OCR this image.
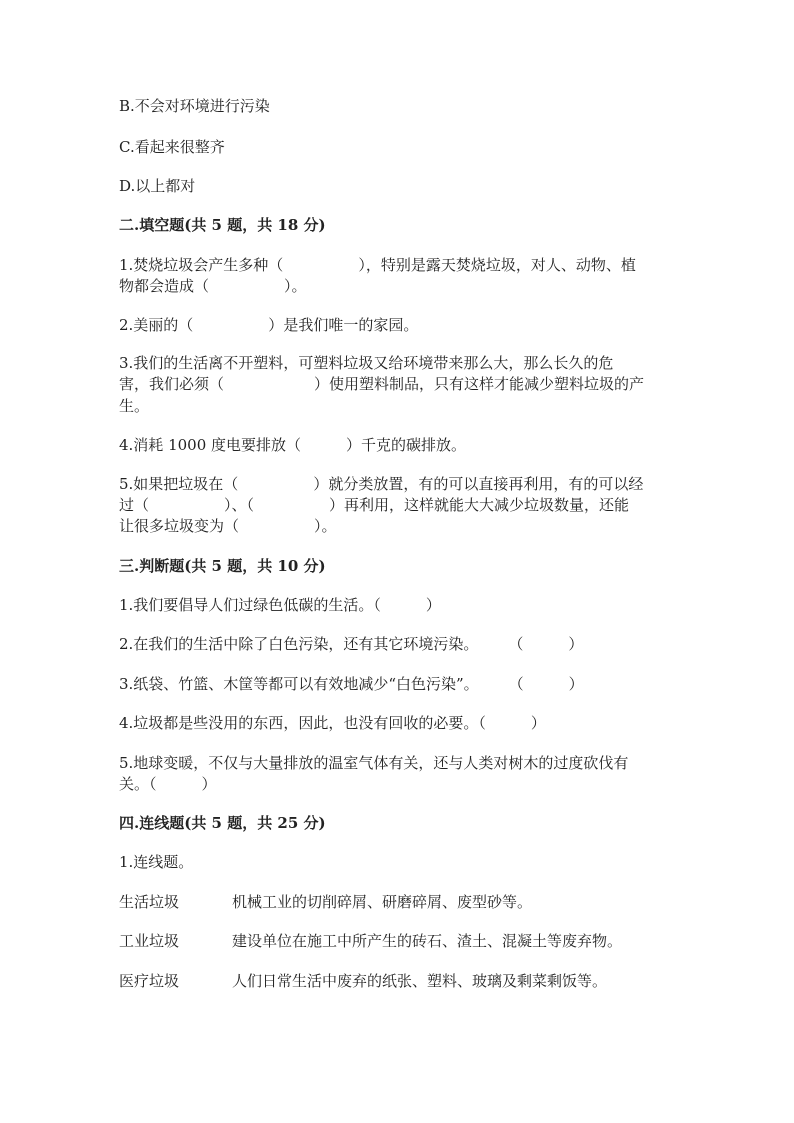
B.不会对环境进行污染
C.看起来很整齐
D.以上都对
二.填空题(共 5 题，共 18 分)
1.焚烧垃圾会产生多种（　　　　　），特别是露天焚烧垃圾，对人、动物、植
物都会造成（　　　　　）。
2.美丽的（　　　　　）是我们唯一的家园。
3.我们的生活离不开塑料，可塑料垃圾又给环境带来那么大，那么长久的危
害，我们必须（　　　　　　）使用塑料制品，只有这样才能减少塑料垃圾的产
生。
4.消耗 1000 度电要排放（　　　）千克的碳排放。
5.如果把垃圾在（　　　　　）就分类放置，有的可以直接再利用，有的可以经
过（　　　　　）、（　　　　　）再利用，这样就能大大减少垃圾数量，还能
让很多垃圾变为（　　　　　）。
三.判断题(共 5 题，共 10 分)
1.我们要倡导人们过绿色低碳的生活。（　　　）
2.在我们的生活中除了白色污染，还有其它环境污染。　　　（　　　）
3.纸袋、竹篮、木筐等都可以有效地减少“白色污染”。　　　（　　　）
4.垃圾都是些没用的东西，因此，也没有回收的必要。（　　　）
5.地球变暖，不仅与大量排放的温室气体有关，还与人类对树木的过度砍伐有
关。（　　　）
四.连线题(共 5 题，共 25 分)
1.连线题。
生活垃圾	机械工业的切削碎屑、研磨碎屑、废型砂等。
工业垃圾	建设单位在施工中所产生的砖石、渣土、混凝土等废弃物。
医疗垃圾	人们日常生活中废弃的纸张、塑料、玻璃及剩菜剩饭等。
